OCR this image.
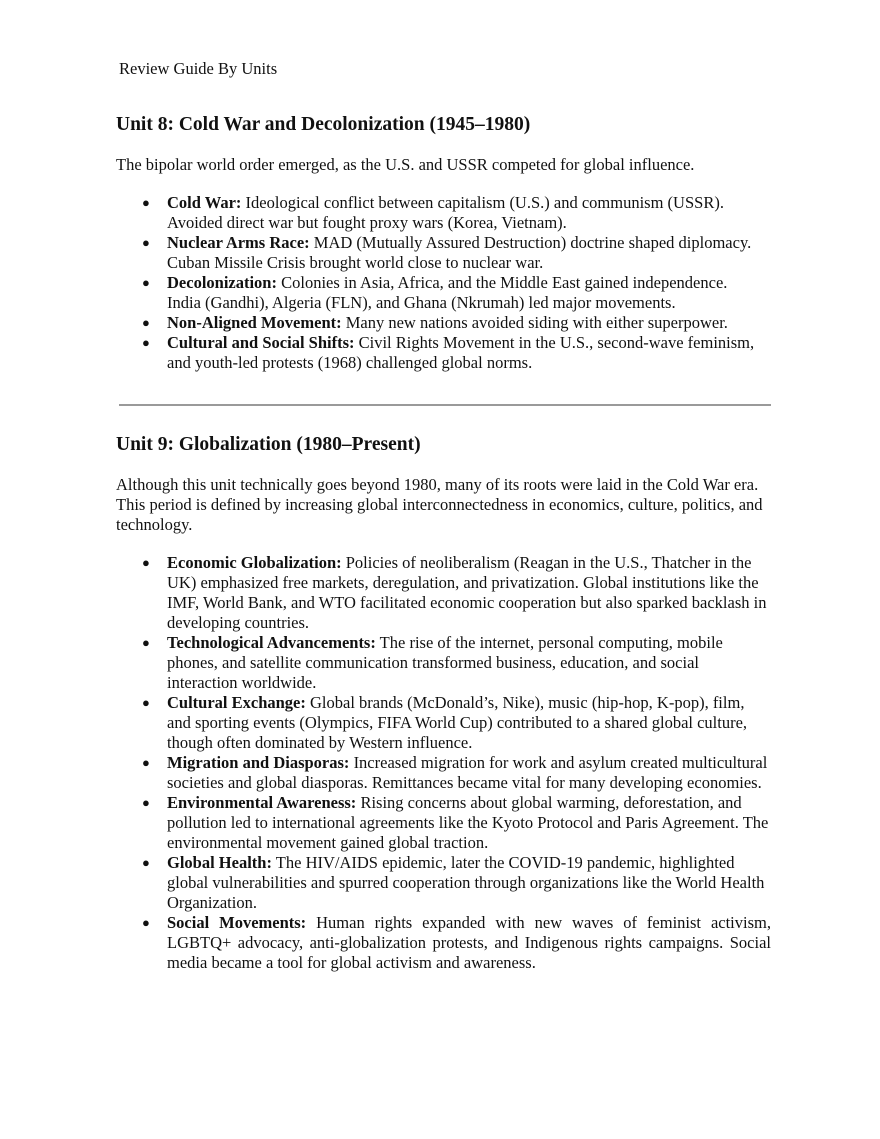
Review Guide By Units
Unit 8: Cold War and Decolonization (1945–1980)

The bipolar world order emerged, as the U.S. and USSR competed for global influence.

● Cold War: Ideological conflict between capitalism (U.S.) and communism (USSR). Avoided direct war but fought proxy wars (Korea, Vietnam).
● Nuclear Arms Race: MAD (Mutually Assured Destruction) doctrine shaped diplomacy. Cuban Missile Crisis brought world close to nuclear war.
● Decolonization: Colonies in Asia, Africa, and the Middle East gained independence. India (Gandhi), Algeria (FLN), and Ghana (Nkrumah) led major movements.
● Non-Aligned Movement: Many new nations avoided siding with either superpower.
● Cultural and Social Shifts: Civil Rights Movement in the U.S., second-wave feminism, and youth-led protests (1968) challenged global norms.
Unit 9: Globalization (1980–Present)

Although this unit technically goes beyond 1980, many of its roots were laid in the Cold War era. This period is defined by increasing global interconnectedness in economics, culture, politics, and technology.

● Economic Globalization: Policies of neoliberalism (Reagan in the U.S., Thatcher in the UK) emphasized free markets, deregulation, and privatization. Global institutions like the IMF, World Bank, and WTO facilitated economic cooperation but also sparked backlash in developing countries.
● Technological Advancements: The rise of the internet, personal computing, mobile phones, and satellite communication transformed business, education, and social interaction worldwide.
● Cultural Exchange: Global brands (McDonald’s, Nike), music (hip-hop, K-pop), film, and sporting events (Olympics, FIFA World Cup) contributed to a shared global culture, though often dominated by Western influence.
● Migration and Diasporas: Increased migration for work and asylum created multicultural societies and global diasporas. Remittances became vital for many developing economies.
● Environmental Awareness: Rising concerns about global warming, deforestation, and pollution led to international agreements like the Kyoto Protocol and Paris Agreement. The environmental movement gained global traction.
● Global Health: The HIV/AIDS epidemic, later the COVID-19 pandemic, highlighted global vulnerabilities and spurred cooperation through organizations like the World Health Organization.
● Social Movements: Human rights expanded with new waves of feminist activism, LGBTQ+ advocacy, anti-globalization protests, and Indigenous rights campaigns. Social media became a tool for global activism and awareness.
